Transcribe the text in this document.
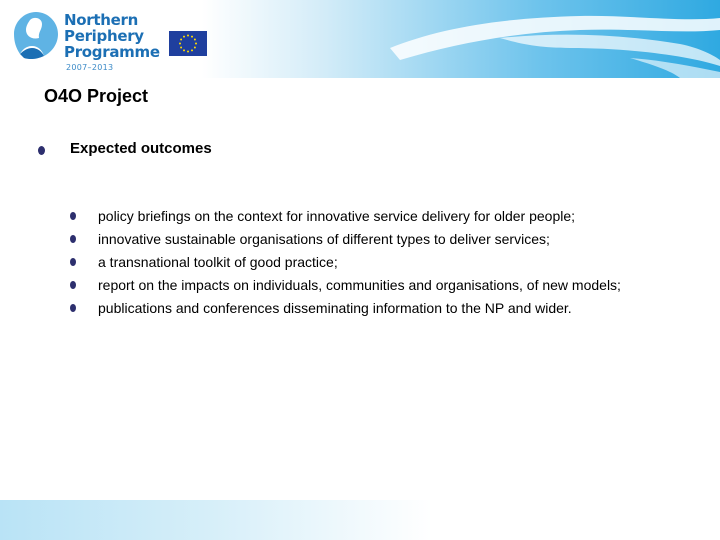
Northern
Periphery
Programme
2007–2013
O4O Project
Expected outcomes
policy briefings on the context for innovative service delivery for older people;
innovative sustainable organisations of different types to deliver services;
a transnational toolkit of good practice;
report on the impacts on individuals, communities and organisations, of new models;
publications and conferences disseminating information to the NP and wider.
